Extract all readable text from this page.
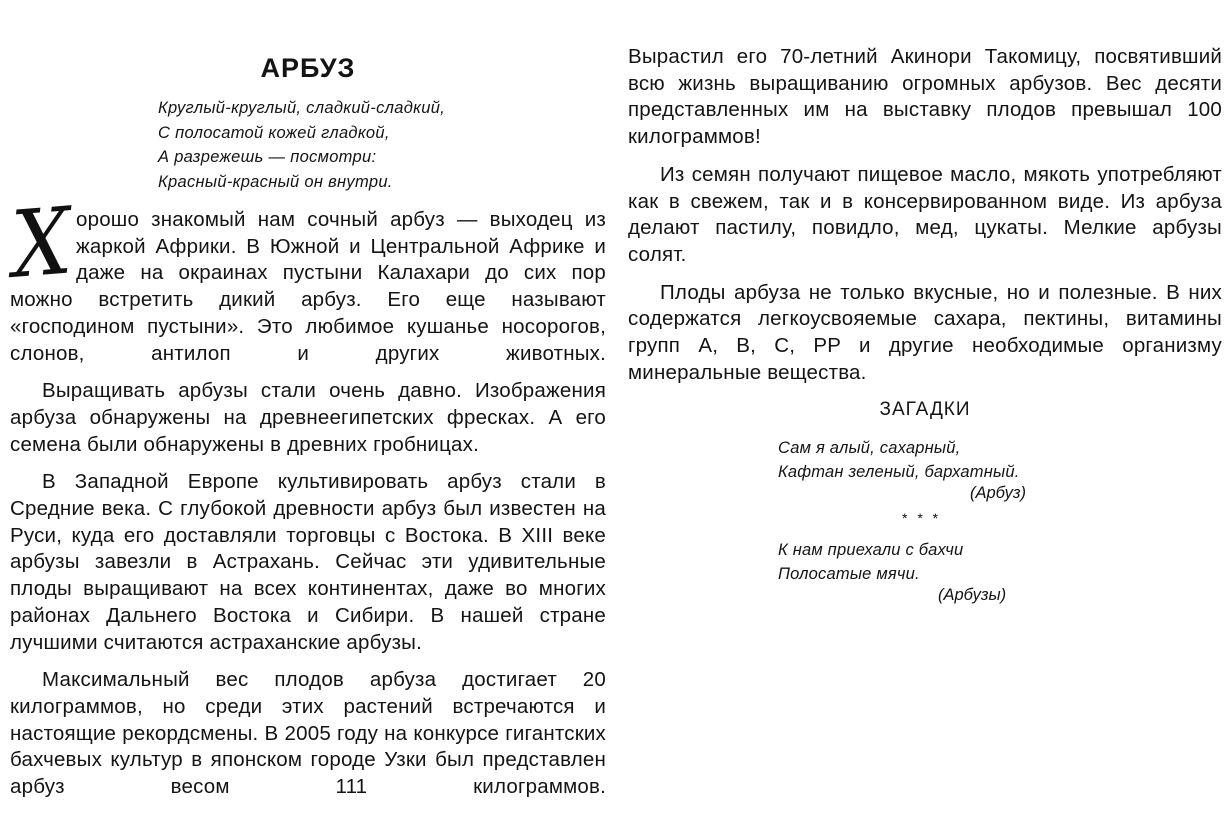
АРБУЗ
Круглый-круглый, сладкий-сладкий,
С полосатой кожей гладкой,
А разрежешь — посмотри:
Красный-красный он внутри.

Хорошо знакомый нам сочный арбуз — выходец из жаркой Африки. В Южной и Центральной Африке и даже на окраинах пустыни Калахари до сих пор можно встретить дикий арбуз. Его еще называют «господином пустыни». Это любимое кушанье носорогов, слонов, антилоп и других животных.

Выращивать арбузы стали очень давно. Изображения арбуза обнаружены на древнеегипетских фресках. А его семена были обнаружены в древних гробницах.

В Западной Европе культивировать арбуз стали в Средние века. С глубокой древности арбуз был известен на Руси, куда его доставляли торговцы с Востока. В XIII веке арбузы завезли в Астрахань. Сейчас эти удивительные плоды выращивают на всех континентах, даже во многих районах Дальнего Востока и Сибири. В нашей стране лучшими считаются астраханские арбузы.

Максимальный вес плодов арбуза достигает 20 килограммов, но среди этих растений встречаются и настоящие рекордсмены. В 2005 году на конкурсе гигантских бахчевых культур в японском городе Узки был представлен арбуз весом 111 килограммов.

Вырастил его 70-летний Акинори Такомицу, посвятивший всю жизнь выращиванию огромных арбузов. Вес десяти представленных им на выставку плодов превышал 100 килограммов!

Из семян получают пищевое масло, мякоть употребляют как в свежем, так и в консервированном виде. Из арбуза делают пастилу, повидло, мед, цукаты. Мелкие арбузы солят.

Плоды арбуза не только вкусные, но и полезные. В них содержатся легкоусвояемые сахара, пектины, витамины групп A, B, C, PP и другие необходимые организму минеральные вещества.

ЗАГАДКИ
Сам я алый, сахарный,
Кафтан зеленый, бархатный.
(Арбуз)
* * *
К нам приехали с бахчи
Полосатые мячи.
(Арбузы)
